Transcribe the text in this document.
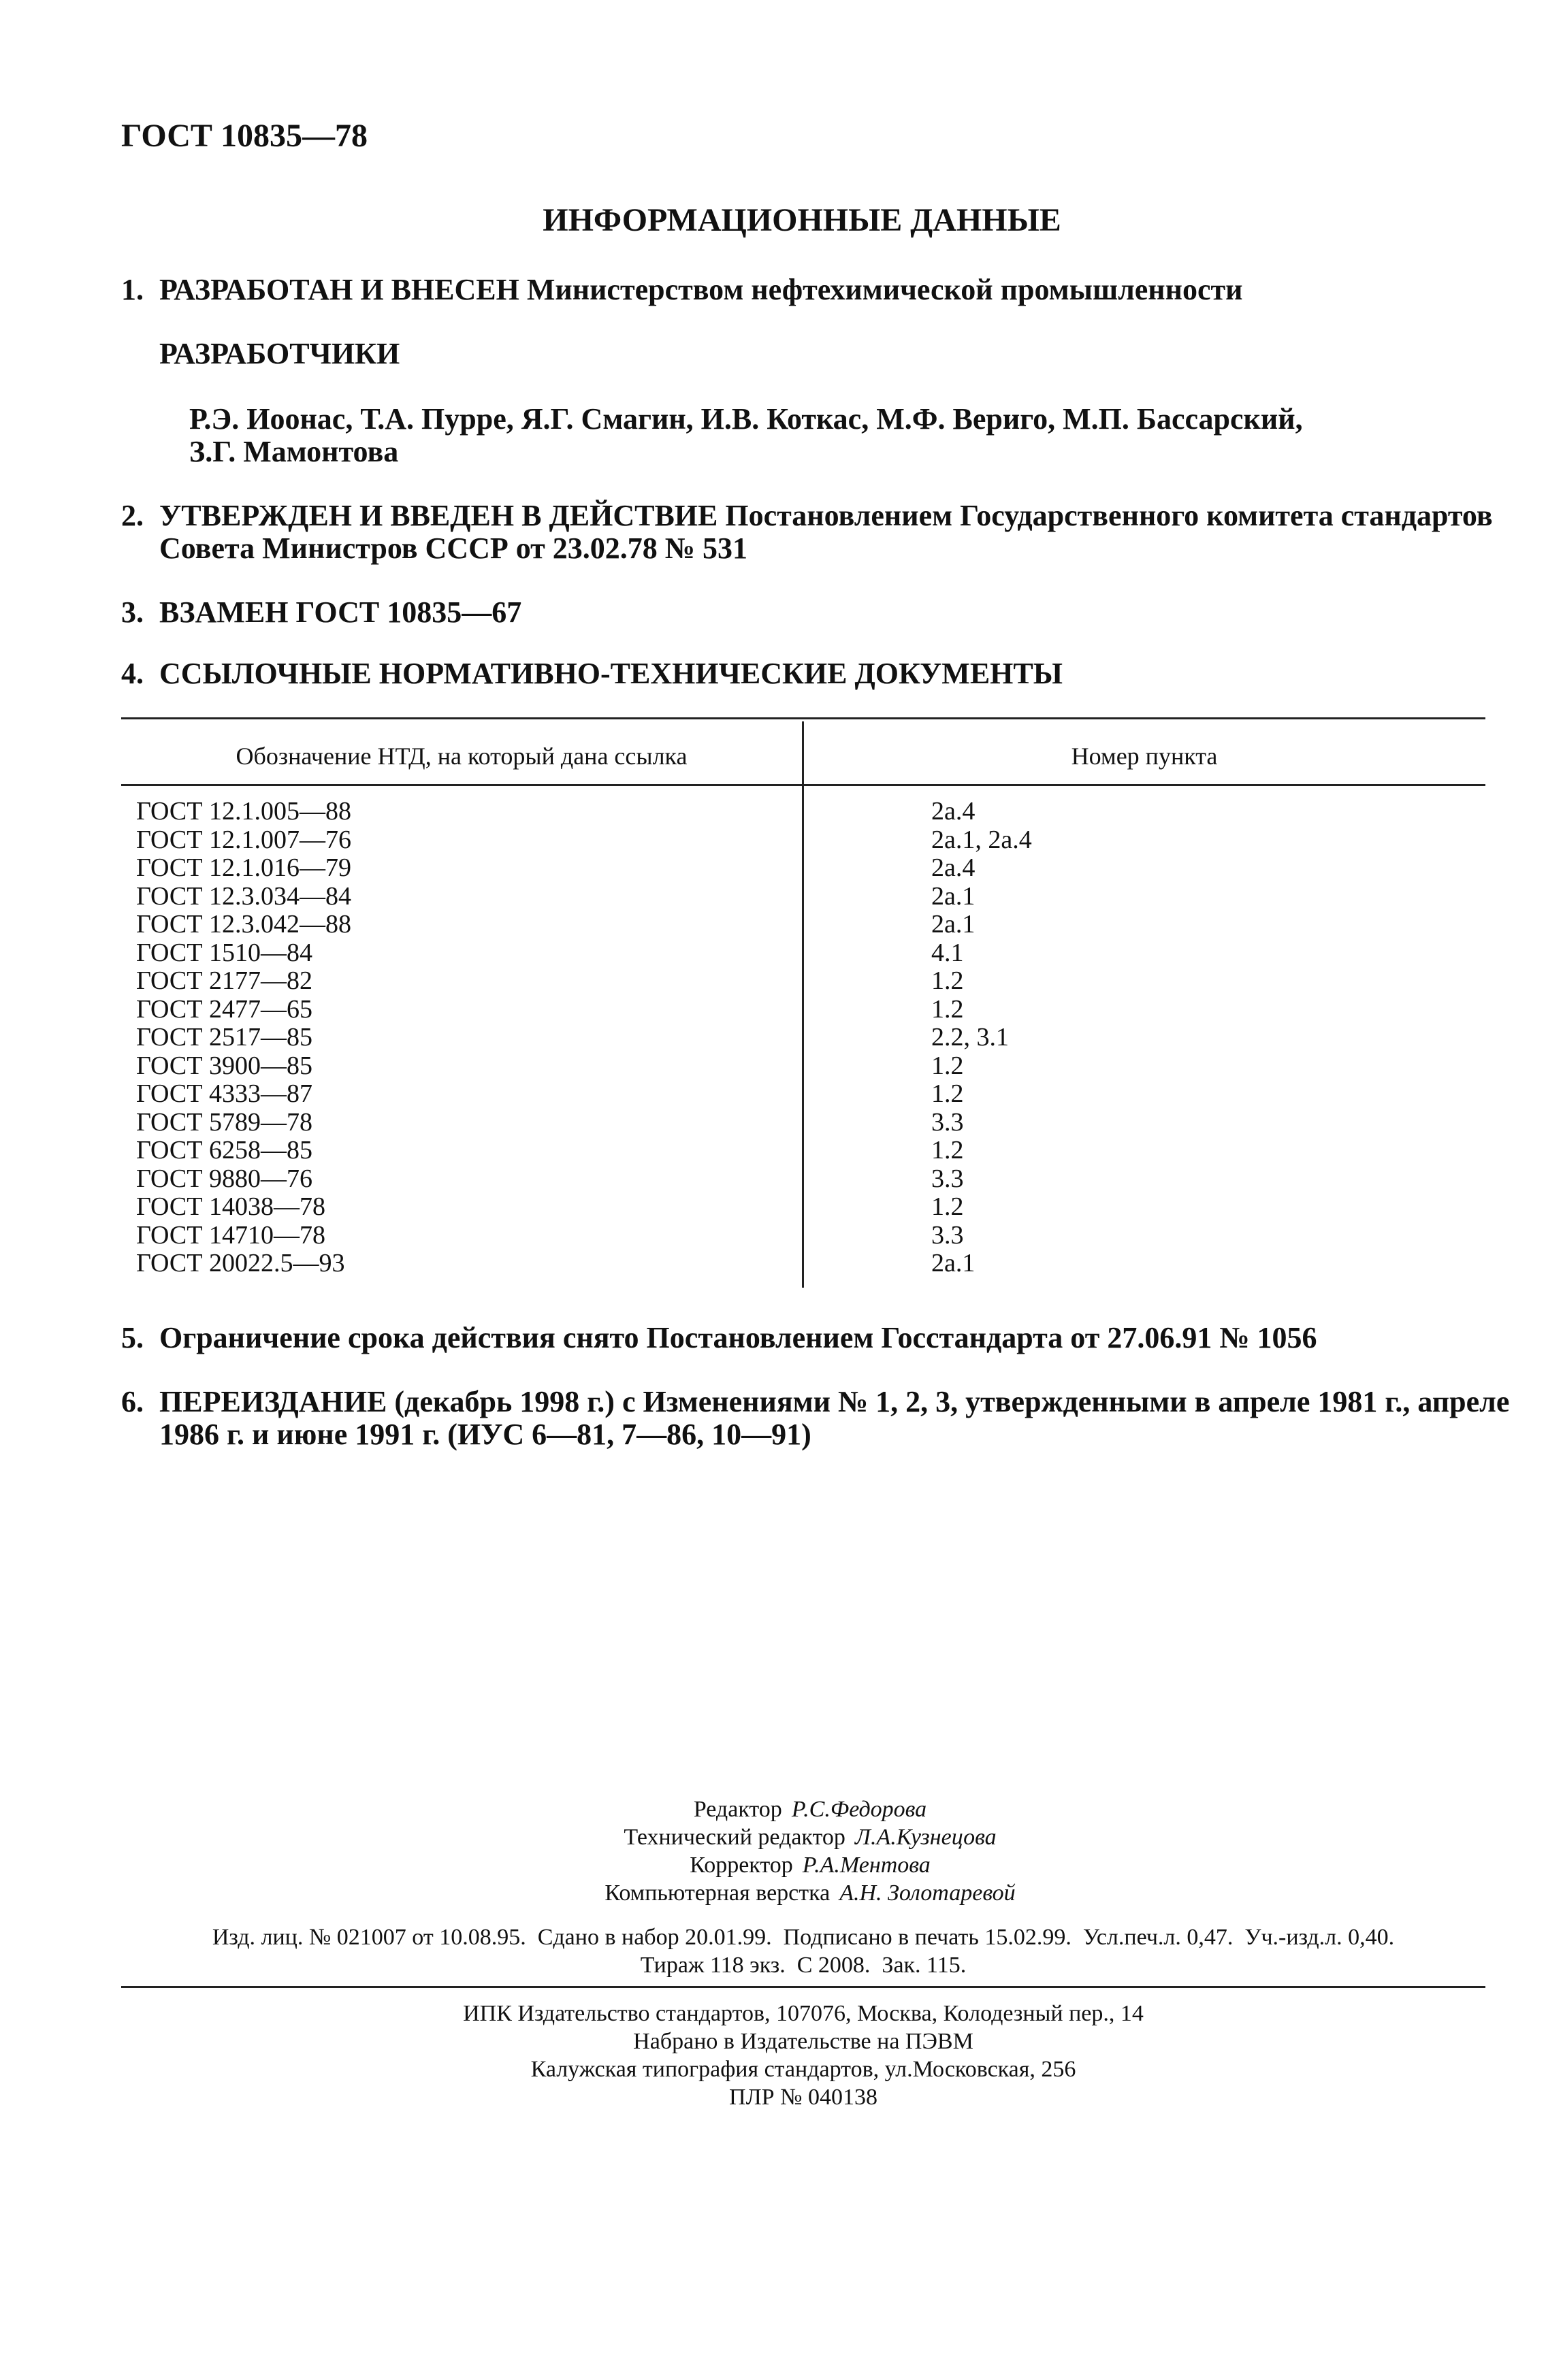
ГОСТ 10835—78
ИНФОРМАЦИОННЫЕ ДАННЫЕ
1. РАЗРАБОТАН И ВНЕСЕН Министерством нефтехимической промышленности
РАЗРАБОТЧИКИ
Р.Э. Иоонас, Т.А. Пурре, Я.Г. Смагин, И.В. Коткас, М.Ф. Вериго, М.П. Бассарский,
З.Г. Мамонтова
2. УТВЕРЖДЕН И ВВЕДЕН В ДЕЙСТВИЕ Постановлением Государственного комитета стандартов
Совета Министров СССР от 23.02.78 № 531
3. ВЗАМЕН ГОСТ 10835—67
4. ССЫЛОЧНЫЕ НОРМАТИВНО-ТЕХНИЧЕСКИЕ ДОКУМЕНТЫ
Обозначение НТД, на который дана ссылка	Номер пункта
ГОСТ 12.1.005—88
ГОСТ 12.1.007—76
ГОСТ 12.1.016—79
ГОСТ 12.3.034—84
ГОСТ 12.3.042—88
ГОСТ 1510—84
ГОСТ 2177—82
ГОСТ 2477—65
ГОСТ 2517—85
ГОСТ 3900—85
ГОСТ 4333—87
ГОСТ 5789—78
ГОСТ 6258—85
ГОСТ 9880—76
ГОСТ 14038—78
ГОСТ 14710—78
ГОСТ 20022.5—93
2а.4
2а.1, 2а.4
2а.4
2а.1
2а.1
4.1
1.2
1.2
2.2, 3.1
1.2
1.2
3.3
1.2
3.3
1.2
3.3
2а.1
5. Ограничение срока действия снято Постановлением Госстандарта от 27.06.91 № 1056
6. ПЕРЕИЗДАНИЕ (декабрь 1998 г.) с Изменениями № 1, 2, 3, утвержденными в апреле 1981 г., апреле
1986 г. и июне 1991 г. (ИУС 6—81, 7—86, 10—91)
Редактор Р.С.Федорова
Технический редактор Л.А.Кузнецова
Корректор Р.А.Ментова
Компьютерная верстка А.Н. Золотаревой
Изд. лиц. № 021007 от 10.08.95.  Сдано в набор 20.01.99.  Подписано в печать 15.02.99.  Усл.печ.л. 0,47.  Уч.-изд.л. 0,40.
Тираж 118 экз.  С 2008.  Зак. 115.
ИПК Издательство стандартов, 107076, Москва, Колодезный пер., 14
Набрано в Издательстве на ПЭВМ
Калужская типография стандартов, ул.Московская, 256
ПЛР № 040138
